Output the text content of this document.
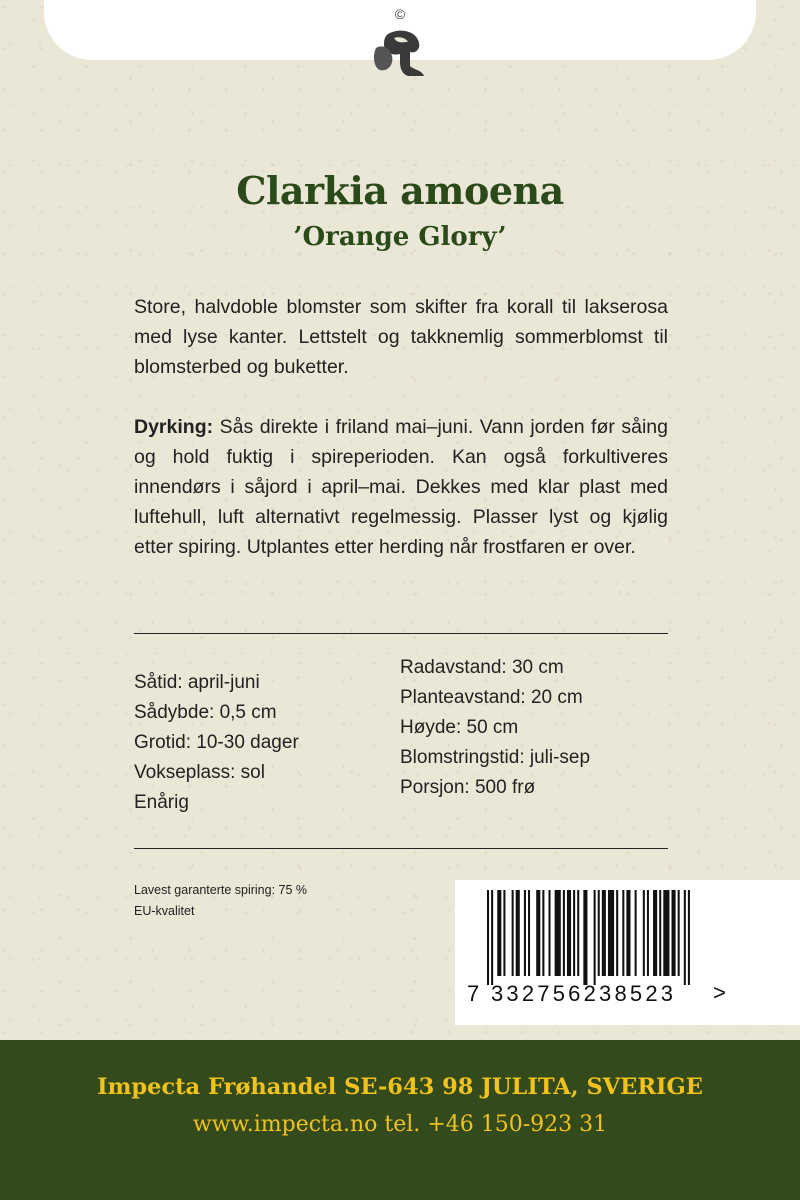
©
Clarkia amoena
’Orange Glory’
Store, halvdoble blomster som skifter fra korall til lakserosa med lyse kanter. Lettstelt og takknemlig sommerblomst til blomsterbed og buketter.
Dyrking: Sås direkte i friland mai–juni. Vann jorden før såing og hold fuktig i spireperioden. Kan også forkultiveres innendørs i såjord i april–mai. Dekkes med klar plast med luftehull, luft alternativt regelmessig. Plasser lyst og kjølig etter spiring. Utplantes etter herding når frostfaren er over.
Såtid: april-juni
Sådybde: 0,5 cm
Grotid: 10-30 dager
Vokseplass: sol
Enårig
Radavstand: 30 cm
Planteavstand: 20 cm
Høyde: 50 cm
Blomstringstid: juli-sep
Porsjon: 500 frø
Lavest garanterte spiring: 75 %
EU-kvalitet
7 332756238523 >
Impecta Frøhandel SE-643 98 JULITA, SVERIGE
www.impecta.no tel. +46 150-923 31
